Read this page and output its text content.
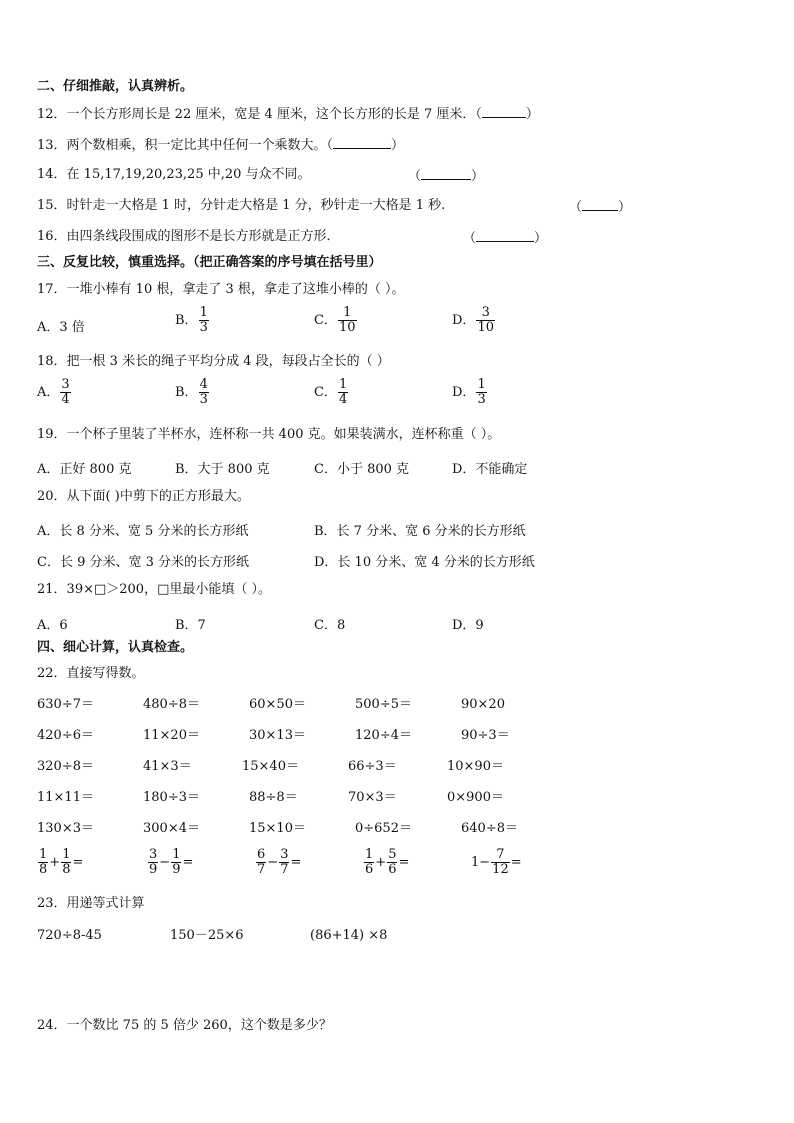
二、仔细推敲，认真辨析。
12．一个长方形周长是 22 厘米，宽是 4 厘米，这个长方形的长是 7 厘米．（	）
13．两个数相乘，积一定比其中任何一个乘数大。（	）
14．在 15,17,19,20,23,25 中,20 与众不同。	（	）
15．时针走一大格是 1 时，分针走大格是 1 分，秒针走一大格是 1 秒.	（	）
16．由四条线段围成的图形不是长方形就是正方形．	（	）
三、反复比较，慎重选择。（把正确答案的序号填在括号里）
17．一堆小棒有 10 根，拿走了 3 根，拿走了这堆小棒的（ ）。
A．3 倍	B． $\frac{1}{3}$	C． $\frac{1}{10}$	D． $\frac{3}{10}$
18．把一根 3 米长的绳子平均分成 4 段，每段占全长的（ ）
A． $\frac{3}{4}$	B． $\frac{4}{3}$	C． $\frac{1}{4}$	D． $\frac{1}{3}$
19．一个杯子里装了半杯水，连杯称一共 400 克。如果装满水，连杯称重（ ）。
A．正好 800 克	B．大于 800 克	C．小于 800 克	D．不能确定
20．从下面( )中剪下的正方形最大。
A．长 8 分米、宽 5 分米的长方形纸	B．长 7 分米、宽 6 分米的长方形纸
C．长 9 分米、宽 3 分米的长方形纸	D．长 10 分米、宽 4 分米的长方形纸
21．39×□＞200，□里最小能填（ ）。
A．6	B．7	C．8	D．9
四、细心计算，认真检查。
22．直接写得数。
630÷7＝	480÷8＝	60×50＝	500÷5＝	90×20
420÷6＝	11×20＝	30×13＝	120÷4＝	90÷3＝
320÷8＝	41×3＝	15×40＝	66÷3＝	10×90＝
11×11＝	180÷3＝	88÷8＝	70×3＝	0×900＝
130×3＝	300×4＝	15×10＝	0÷652＝	640÷8＝
$\frac{1}{8} + \frac{1}{8}$ =	$\frac{3}{9} - \frac{1}{9}$ =	$\frac{6}{7} - \frac{3}{7}$ =	$\frac{1}{6} + \frac{5}{6}$ =	$1- \frac{7}{12}$ =
23．用递等式计算
720÷8-45	150－25×6	(86+14) ×8
24．一个数比 75 的 5 倍少 260，这个数是多少？
